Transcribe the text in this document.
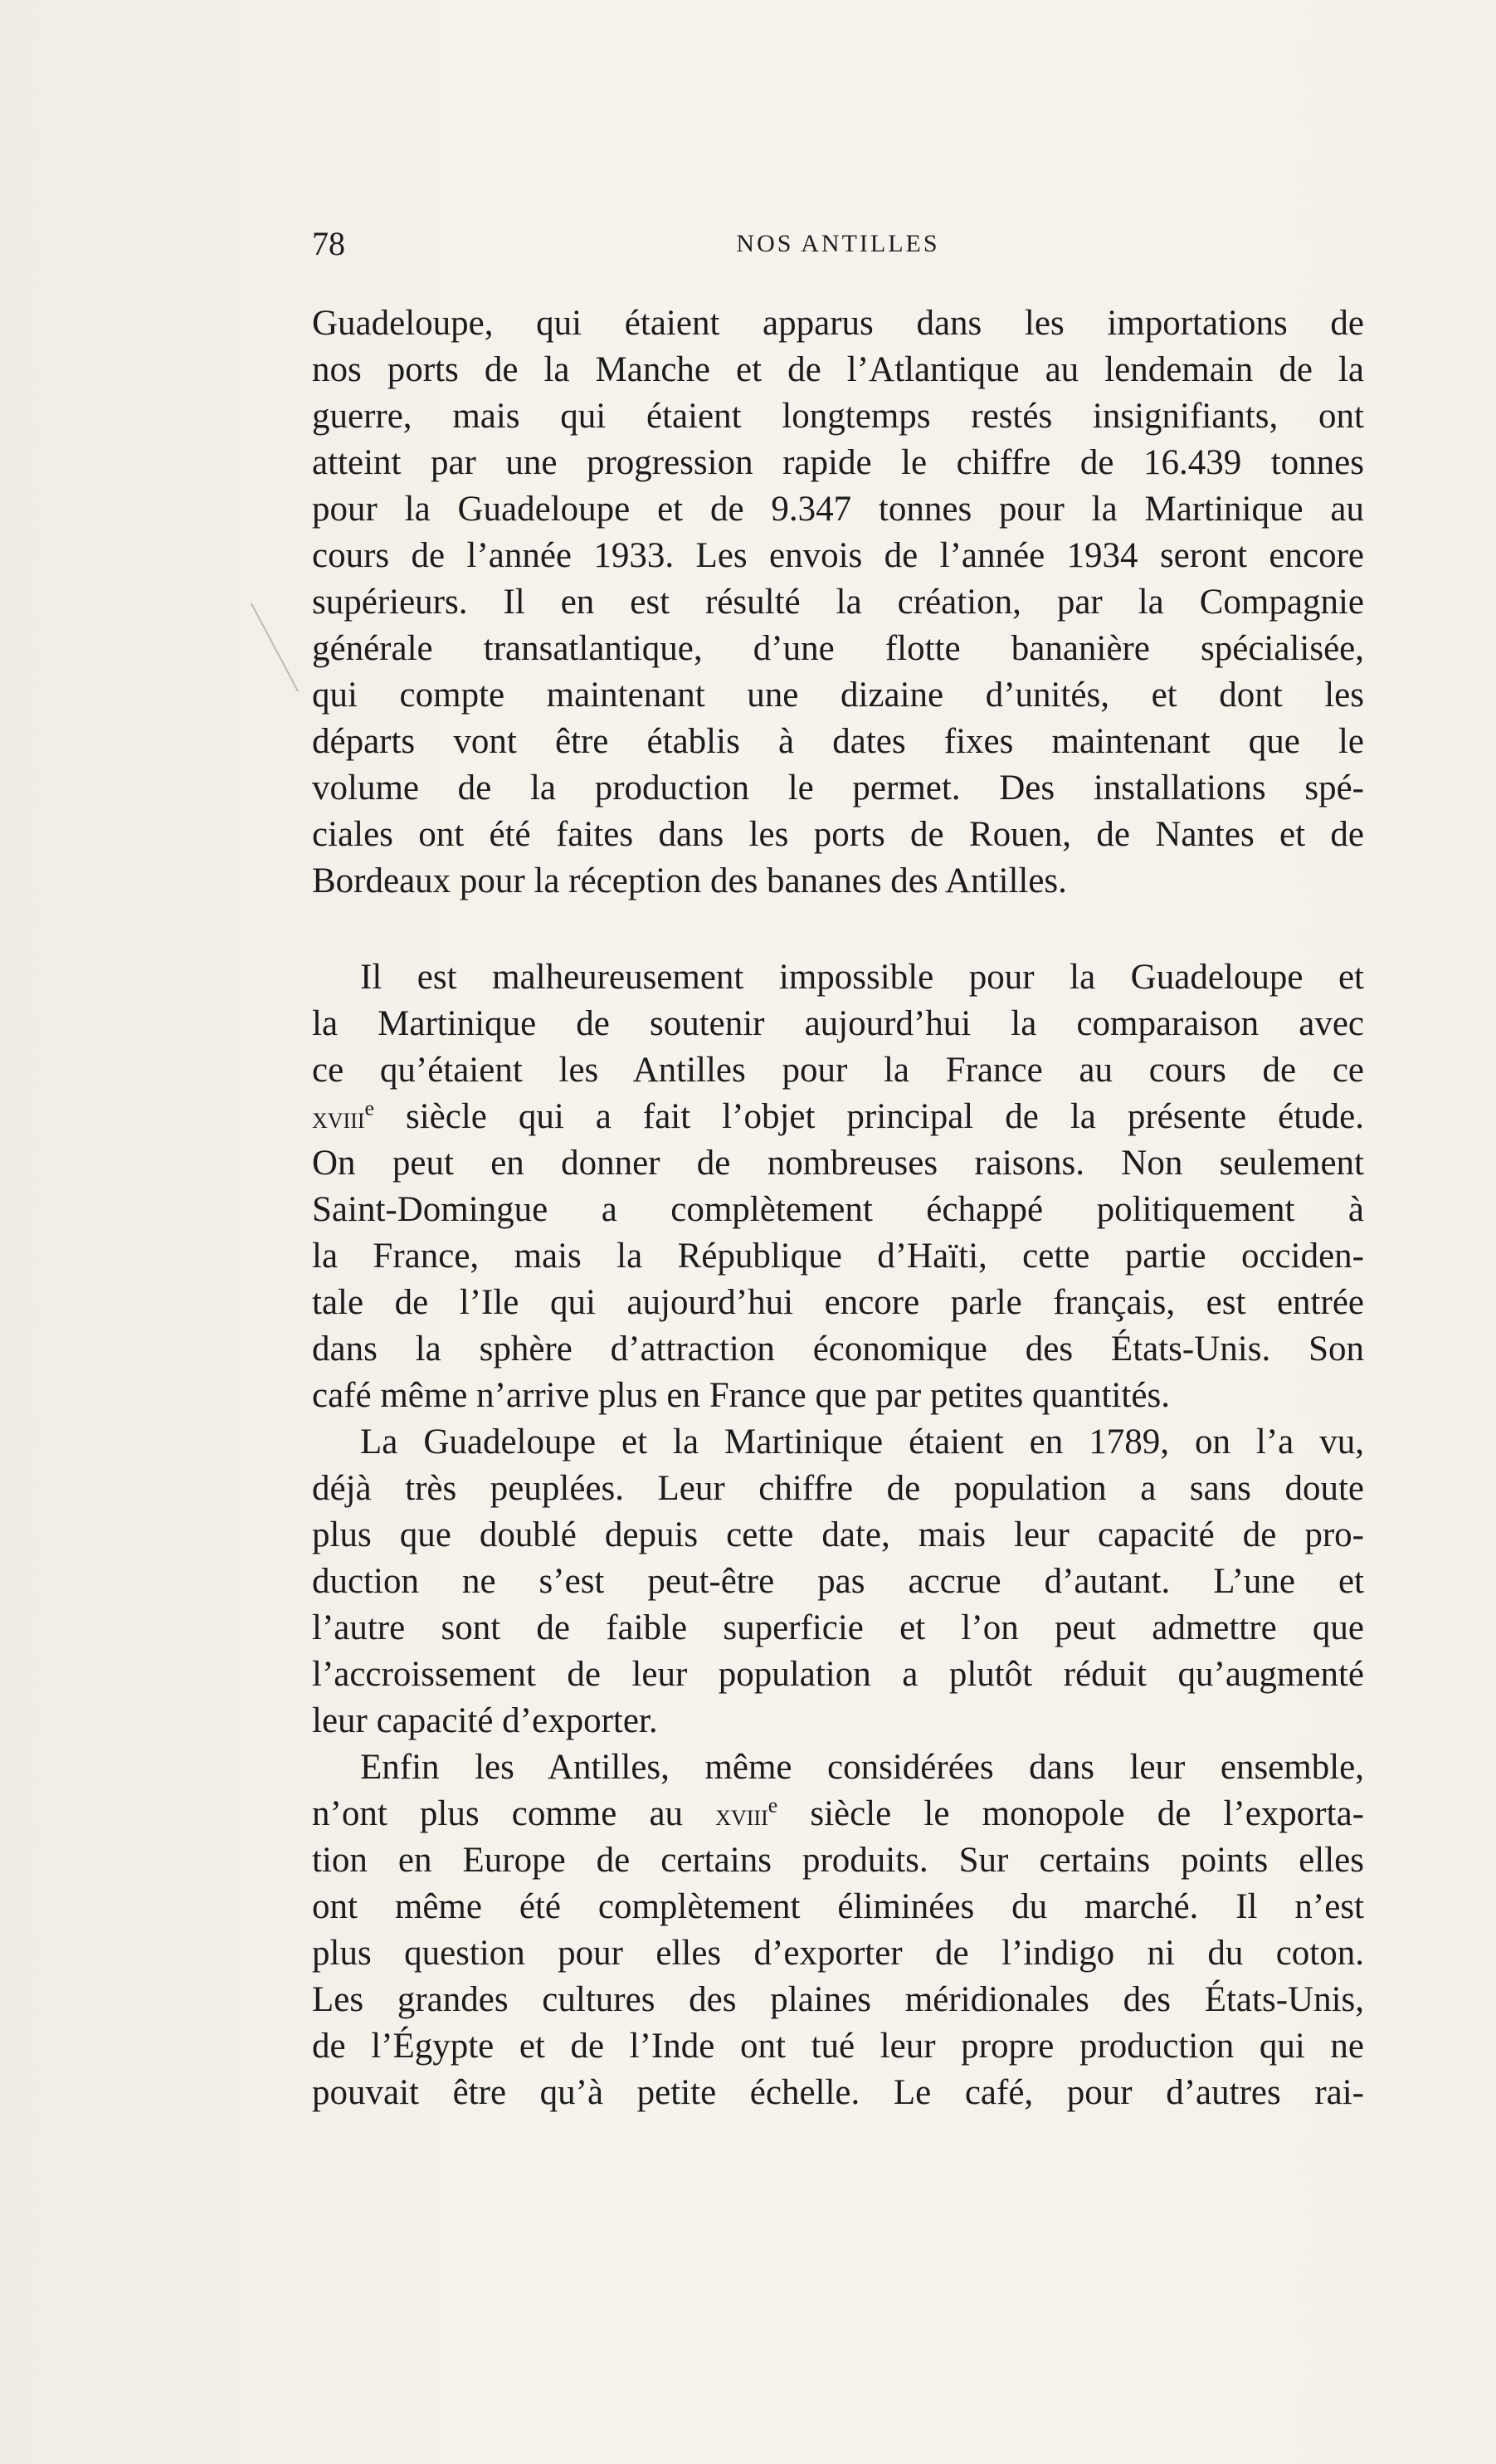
78	NOS ANTILLES
Guadeloupe, qui étaient apparus dans les importations de
nos ports de la Manche et de l’Atlantique au lendemain de la
guerre, mais qui étaient longtemps restés insignifiants, ont
atteint par une progression rapide le chiffre de 16.439 tonnes
pour la Guadeloupe et de 9.347 tonnes pour la Martinique au
cours de l’année 1933. Les envois de l’année 1934 seront encore
supérieurs. Il en est résulté la création, par la Compagnie
générale transatlantique, d’une flotte bananière spécialisée,
qui compte maintenant une dizaine d’unités, et dont les
départs vont être établis à dates fixes maintenant que le
volume de la production le permet. Des installations spé-
ciales ont été faites dans les ports de Rouen, de Nantes et de
Bordeaux pour la réception des bananes des Antilles.
Il est malheureusement impossible pour la Guadeloupe et
la Martinique de soutenir aujourd’hui la comparaison avec
ce qu’étaient les Antilles pour la France au cours de ce
xviii$^e$ siècle qui a fait l’objet principal de la présente étude.
On peut en donner de nombreuses raisons. Non seulement
Saint-Domingue a complètement échappé politiquement à
la France, mais la République d’Haïti, cette partie occiden-
tale de l’Ile qui aujourd’hui encore parle français, est entrée
dans la sphère d’attraction économique des États-Unis. Son
café même n’arrive plus en France que par petites quantités.
La Guadeloupe et la Martinique étaient en 1789, on l’a vu,
déjà très peuplées. Leur chiffre de population a sans doute
plus que doublé depuis cette date, mais leur capacité de pro-
duction ne s’est peut-être pas accrue d’autant. L’une et
l’autre sont de faible superficie et l’on peut admettre que
l’accroissement de leur population a plutôt réduit qu’augmenté
leur capacité d’exporter.
Enfin les Antilles, même considérées dans leur ensemble,
n’ont plus comme au xviii$^e$ siècle le monopole de l’exporta-
tion en Europe de certains produits. Sur certains points elles
ont même été complètement éliminées du marché. Il n’est
plus question pour elles d’exporter de l’indigo ni du coton.
Les grandes cultures des plaines méridionales des États-Unis,
de l’Égypte et de l’Inde ont tué leur propre production qui ne
pouvait être qu’à petite échelle. Le café, pour d’autres rai-
